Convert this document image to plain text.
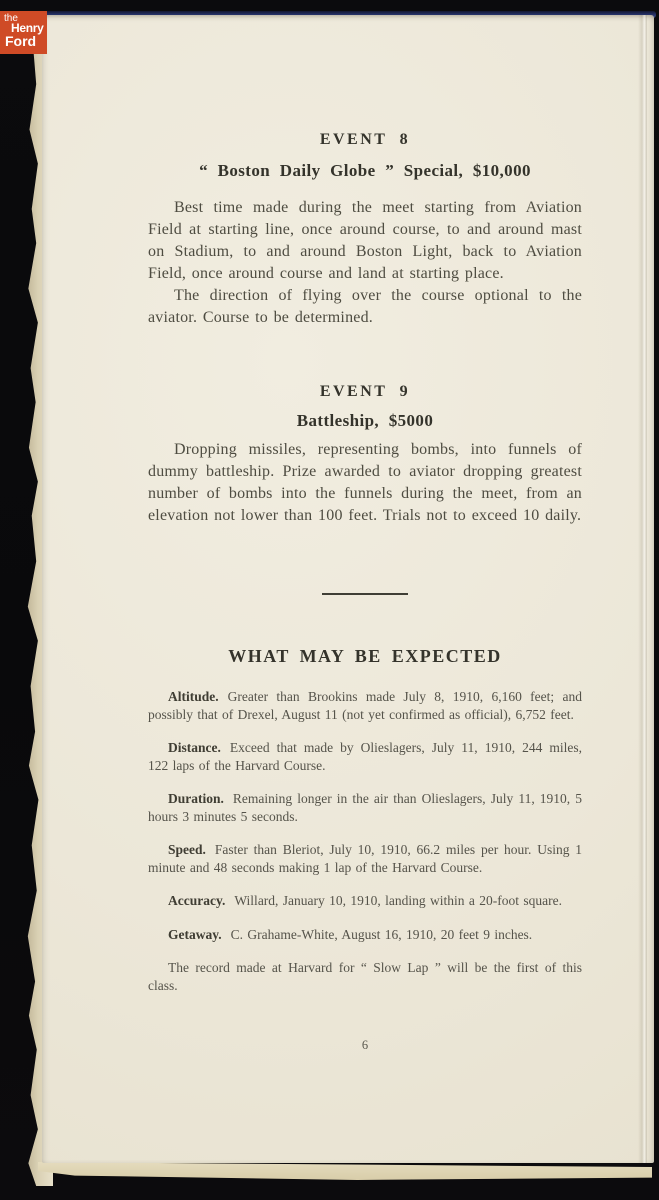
EVENT 8
“ Boston Daily Globe ” Special, $10,000

Best time made during the meet starting from Aviation Field at starting line, once around course, to and around mast on Stadium, to and around Boston Light, back to Aviation Field, once around course and land at starting place.

The direction of flying over the course optional to the aviator. Course to be determined.

EVENT 9
Battleship, $5000

Dropping missiles, representing bombs, into funnels of dummy battleship. Prize awarded to aviator dropping greatest number of bombs into the funnels during the meet, from an elevation not lower than 100 feet. Trials not to exceed 10 daily.

WHAT MAY BE EXPECTED

Altitude. Greater than Brookins made July 8, 1910, 6,160 feet; and possibly that of Drexel, August 11 (not yet confirmed as official), 6,752 feet.

Distance. Exceed that made by Olieslagers, July 11, 1910, 244 miles, 122 laps of the Harvard Course.

Duration. Remaining longer in the air than Olieslagers, July 11, 1910, 5 hours 3 minutes 5 seconds.

Speed. Faster than Bleriot, July 10, 1910, 66.2 miles per hour. Using 1 minute and 48 seconds making 1 lap of the Harvard Course.

Accuracy. Willard, January 10, 1910, landing within a 20-foot square.

Getaway. C. Grahame-White, August 16, 1910, 20 feet 9 inches.

The record made at Harvard for “ Slow Lap ” will be the first of this class.

6
the
Henry
Ford
